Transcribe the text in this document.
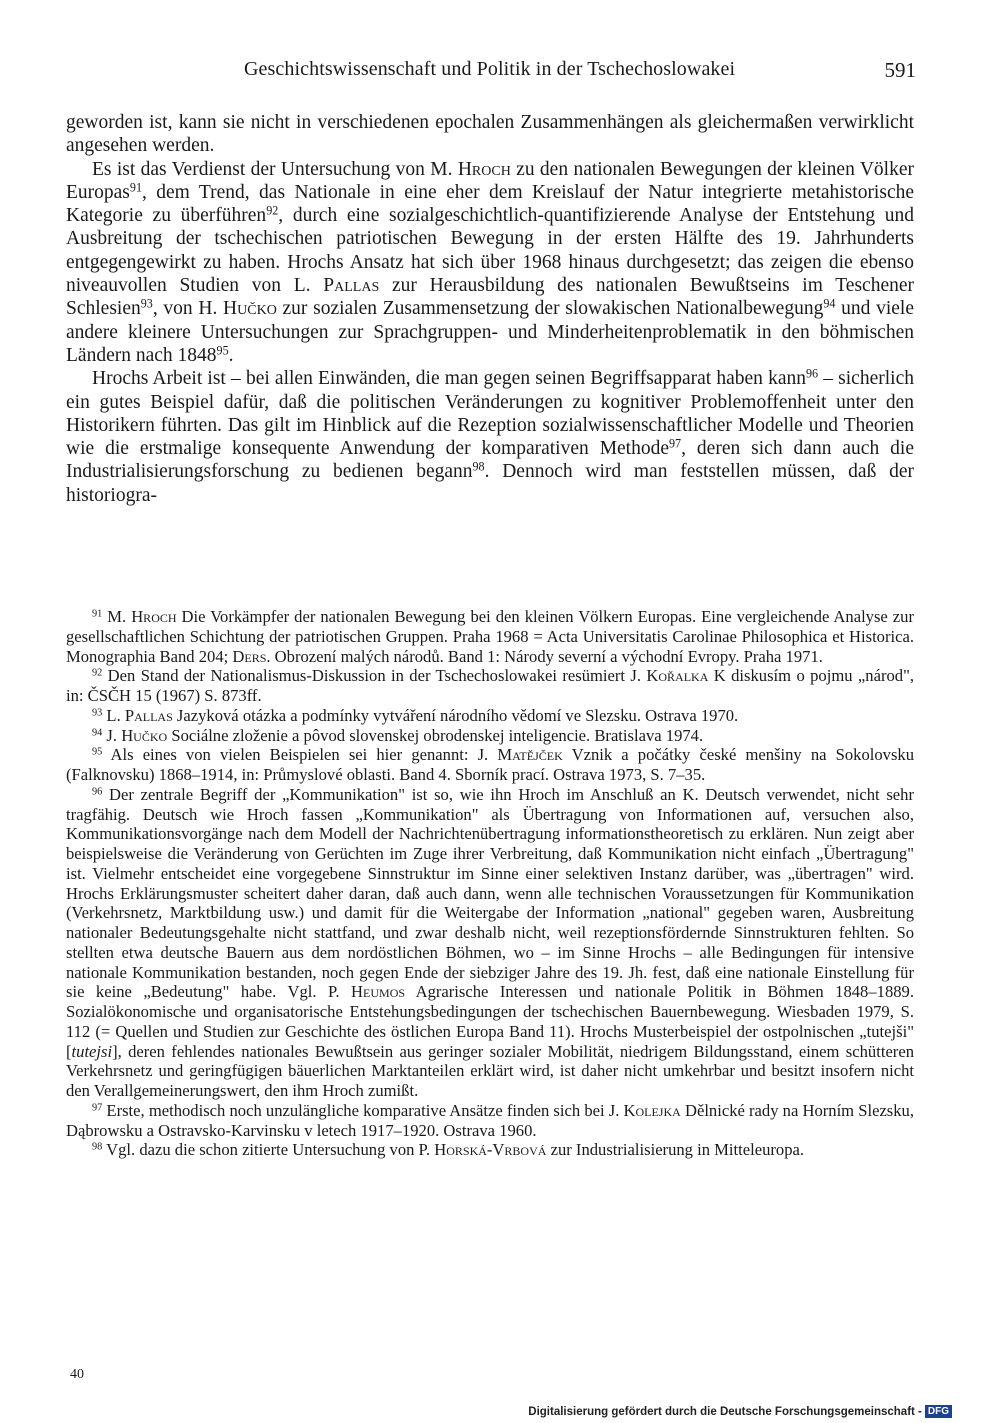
Geschichtswissenschaft und Politik in der Tschechoslowakei	591

geworden ist, kann sie nicht in verschiedenen epochalen Zusammenhängen als gleichermaßen verwirklicht angesehen werden.

Es ist das Verdienst der Untersuchung von M. Hroch zu den nationalen Bewegungen der kleinen Völker Europas$^{91}$, dem Trend, das Nationale in eine eher dem Kreislauf der Natur integrierte metahistorische Kategorie zu überführen$^{92}$, durch eine sozialgeschichtlich-quantifizierende Analyse der Entstehung und Ausbreitung der tschechischen patriotischen Bewegung in der ersten Hälfte des 19. Jahrhunderts entgegengewirkt zu haben. Hrochs Ansatz hat sich über 1968 hinaus durchgesetzt; das zeigen die ebenso niveauvollen Studien von L. Pallas zur Herausbildung des nationalen Bewußtseins im Teschener Schlesien$^{93}$, von H. Hučko zur sozialen Zusammensetzung der slowakischen Nationalbewegung$^{94}$ und viele andere kleinere Untersuchungen zur Sprachgruppen- und Minderheitenproblematik in den böhmischen Ländern nach 1848$^{95}$.

Hrochs Arbeit ist – bei allen Einwänden, die man gegen seinen Begriffsapparat haben kann$^{96}$ – sicherlich ein gutes Beispiel dafür, daß die politischen Veränderungen zu kognitiver Problemoffenheit unter den Historikern führten. Das gilt im Hinblick auf die Rezeption sozialwissenschaftlicher Modelle und Theorien wie die erstmalige konsequente Anwendung der komparativen Methode$^{97}$, deren sich dann auch die Industrialisierungsforschung zu bedienen begann$^{98}$. Dennoch wird man feststellen müssen, daß der historiogra-

$^{91}$ M. Hroch Die Vorkämpfer der nationalen Bewegung bei den kleinen Völkern Europas. Eine vergleichende Analyse zur gesellschaftlichen Schichtung der patriotischen Gruppen. Praha 1968 = Acta Universitatis Carolinae Philosophica et Historica. Monographia Band 204; Ders. Obrození malých národů. Band 1: Národy severní a východní Evropy. Praha 1971.

$^{92}$ Den Stand der Nationalismus-Diskussion in der Tschechoslowakei resümiert J. Kořalka K diskusím o pojmu „národ", in: ČSČH 15 (1967) S. 873ff.

$^{93}$ L. Pallas Jazyková otázka a podmínky vytváření národního vědomí ve Slezsku. Ostrava 1970.

$^{94}$ J. Hučko Sociálne zloženie a pôvod slovenskej obrodenskej inteligencie. Bratislava 1974.

$^{95}$ Als eines von vielen Beispielen sei hier genannt: J. Matějček Vznik a počátky české menšiny na Sokolovsku (Falknovsku) 1868–1914, in: Průmyslové oblasti. Band 4. Sborník prací. Ostrava 1973, S. 7–35.

$^{96}$ Der zentrale Begriff der „Kommunikation" ist so, wie ihn Hroch im Anschluß an K. Deutsch verwendet, nicht sehr tragfähig. Deutsch wie Hroch fassen „Kommunikation" als Übertragung von Informationen auf, versuchen also, Kommunikationsvorgänge nach dem Modell der Nachrichtenübertragung informationstheoretisch zu erklären. Nun zeigt aber beispielsweise die Veränderung von Gerüchten im Zuge ihrer Verbreitung, daß Kommunikation nicht einfach „Übertragung" ist. Vielmehr entscheidet eine vorgegebene Sinnstruktur im Sinne einer selektiven Instanz darüber, was „übertragen" wird. Hrochs Erklärungsmuster scheitert daher daran, daß auch dann, wenn alle technischen Voraussetzungen für Kommunikation (Verkehrsnetz, Marktbildung usw.) und damit für die Weitergabe der Information „national" gegeben waren, Ausbreitung nationaler Bedeutungsgehalte nicht stattfand, und zwar deshalb nicht, weil rezeptionsfördernde Sinnstrukturen fehlten. So stellten etwa deutsche Bauern aus dem nordöstlichen Böhmen, wo – im Sinne Hrochs – alle Bedingungen für intensive nationale Kommunikation bestanden, noch gegen Ende der siebziger Jahre des 19. Jh. fest, daß eine nationale Einstellung für sie keine „Bedeutung" habe. Vgl. P. Heumos Agrarische Interessen und nationale Politik in Böhmen 1848–1889. Sozialökonomische und organisatorische Entstehungsbedingungen der tschechischen Bauernbewegung. Wiesbaden 1979, S. 112 (= Quellen und Studien zur Geschichte des östlichen Europa Band 11). Hrochs Musterbeispiel der ostpolnischen „tutejši" [tutejsi], deren fehlendes nationales Bewußtsein aus geringer sozialer Mobilität, niedrigem Bildungsstand, einem schütteren Verkehrsnetz und geringfügigen bäuerlichen Marktanteilen erklärt wird, ist daher nicht umkehrbar und besitzt insofern nicht den Verallgemeinerungswert, den ihm Hroch zumißt.

$^{97}$ Erste, methodisch noch unzulängliche komparative Ansätze finden sich bei J. Kolejka Dělnické rady na Horním Slezsku, Dąbrowsku a Ostravsko-Karvinsku v letech 1917–1920. Ostrava 1960.

$^{98}$ Vgl. dazu die schon zitierte Untersuchung von P. Horská-Vrbová zur Industrialisierung in Mitteleuropa.

40
Digitalisierung gefördert durch die Deutsche Forschungsgemeinschaft - DFG
